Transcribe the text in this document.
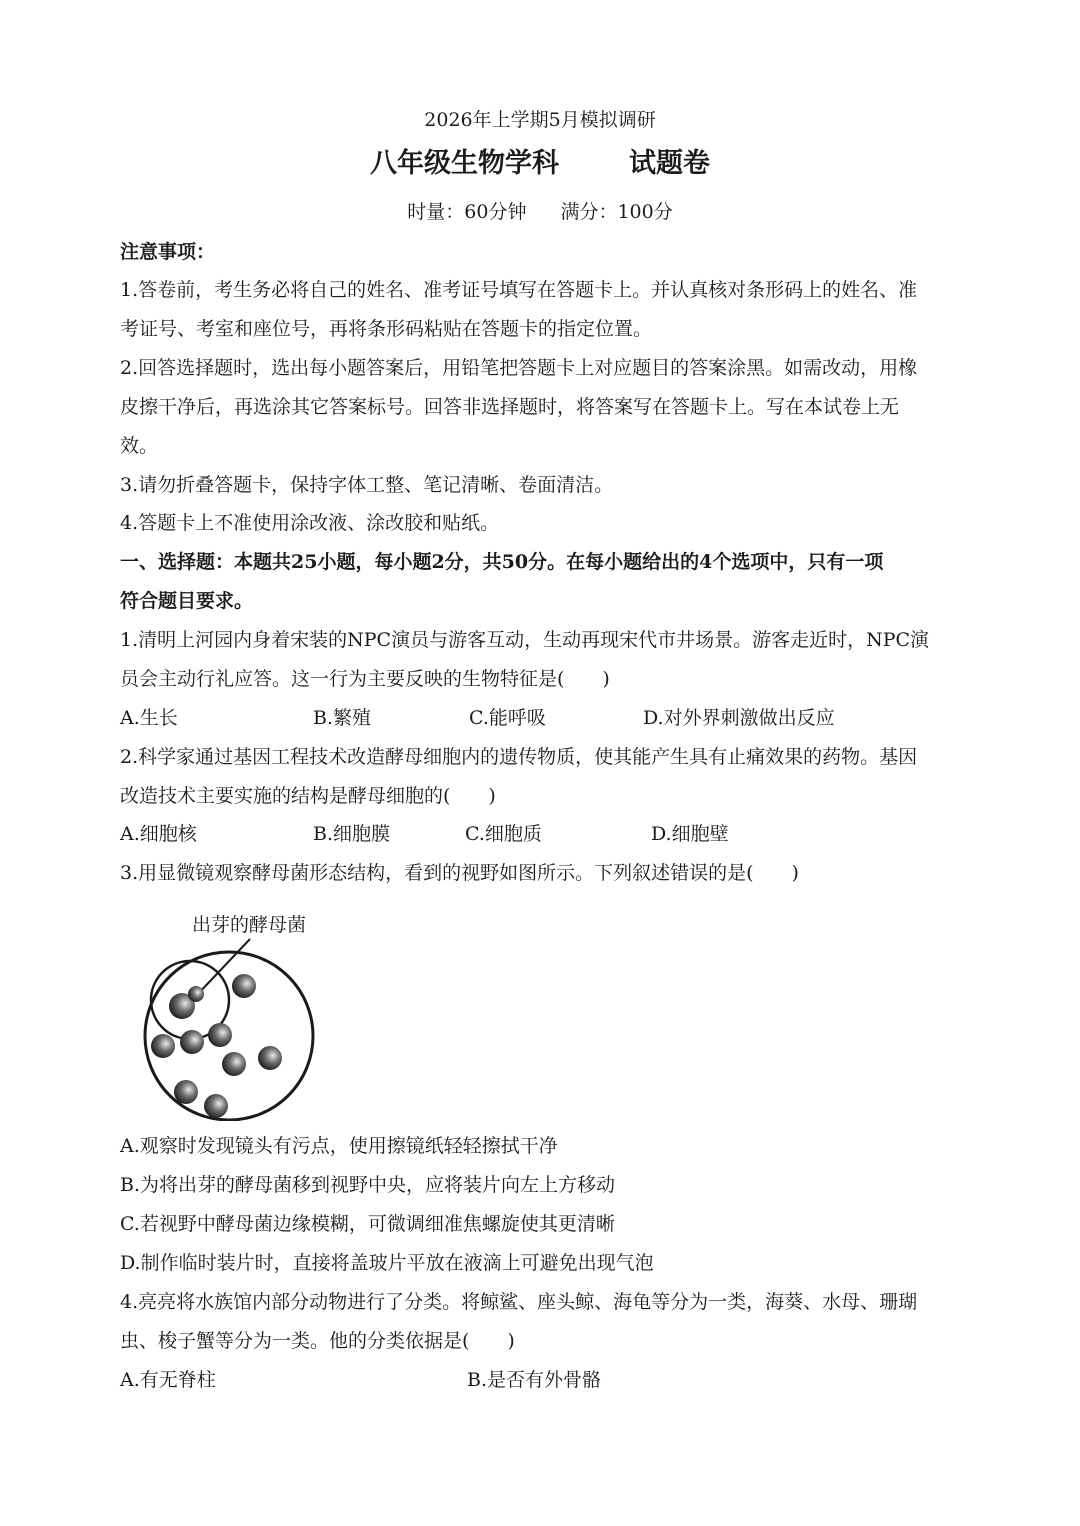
2026年上学期5月模拟调研
八年级生物学科	试题卷
时量：60分钟 满分：100分
注意事项：
1.答卷前，考生务必将自己的姓名、准考证号填写在答题卡上。并认真核对条形码上的姓名、准
考证号、考室和座位号，再将条形码粘贴在答题卡的指定位置。
2.回答选择题时，选出每小题答案后，用铅笔把答题卡上对应题目的答案涂黑。如需改动，用橡
皮擦干净后，再选涂其它答案标号。回答非选择题时，将答案写在答题卡上。写在本试卷上无
效。
3.请勿折叠答题卡，保持字体工整、笔记清晰、卷面清洁。
4.答题卡上不准使用涂改液、涂改胶和贴纸。
一、选择题：本题共25小题，每小题2分，共50分。在每小题给出的4个选项中，只有一项
符合题目要求。
1.清明上河园内身着宋装的NPC演员与游客互动，生动再现宋代市井场景。游客走近时，NPC演
员会主动行礼应答。这一行为主要反映的生物特征是(　　)
A.生长	B.繁殖	C.能呼吸	D.对外界刺激做出反应
2.科学家通过基因工程技术改造酵母细胞内的遗传物质，使其能产生具有止痛效果的药物。基因
改造技术主要实施的结构是酵母细胞的(　　)
A.细胞核	B.细胞膜	C.细胞质	D.细胞壁
3.用显微镜观察酵母菌形态结构，看到的视野如图所示。下列叙述错误的是(　　)
出芽的酵母菌
A.观察时发现镜头有污点，使用擦镜纸轻轻擦拭干净
B.为将出芽的酵母菌移到视野中央，应将装片向左上方移动
C.若视野中酵母菌边缘模糊，可微调细准焦螺旋使其更清晰
D.制作临时装片时，直接将盖玻片平放在液滴上可避免出现气泡
4.亮亮将水族馆内部分动物进行了分类。将鲸鲨、座头鲸、海龟等分为一类，海葵、水母、珊瑚
虫、梭子蟹等分为一类。他的分类依据是(　　)
A.有无脊柱	B.是否有外骨骼
